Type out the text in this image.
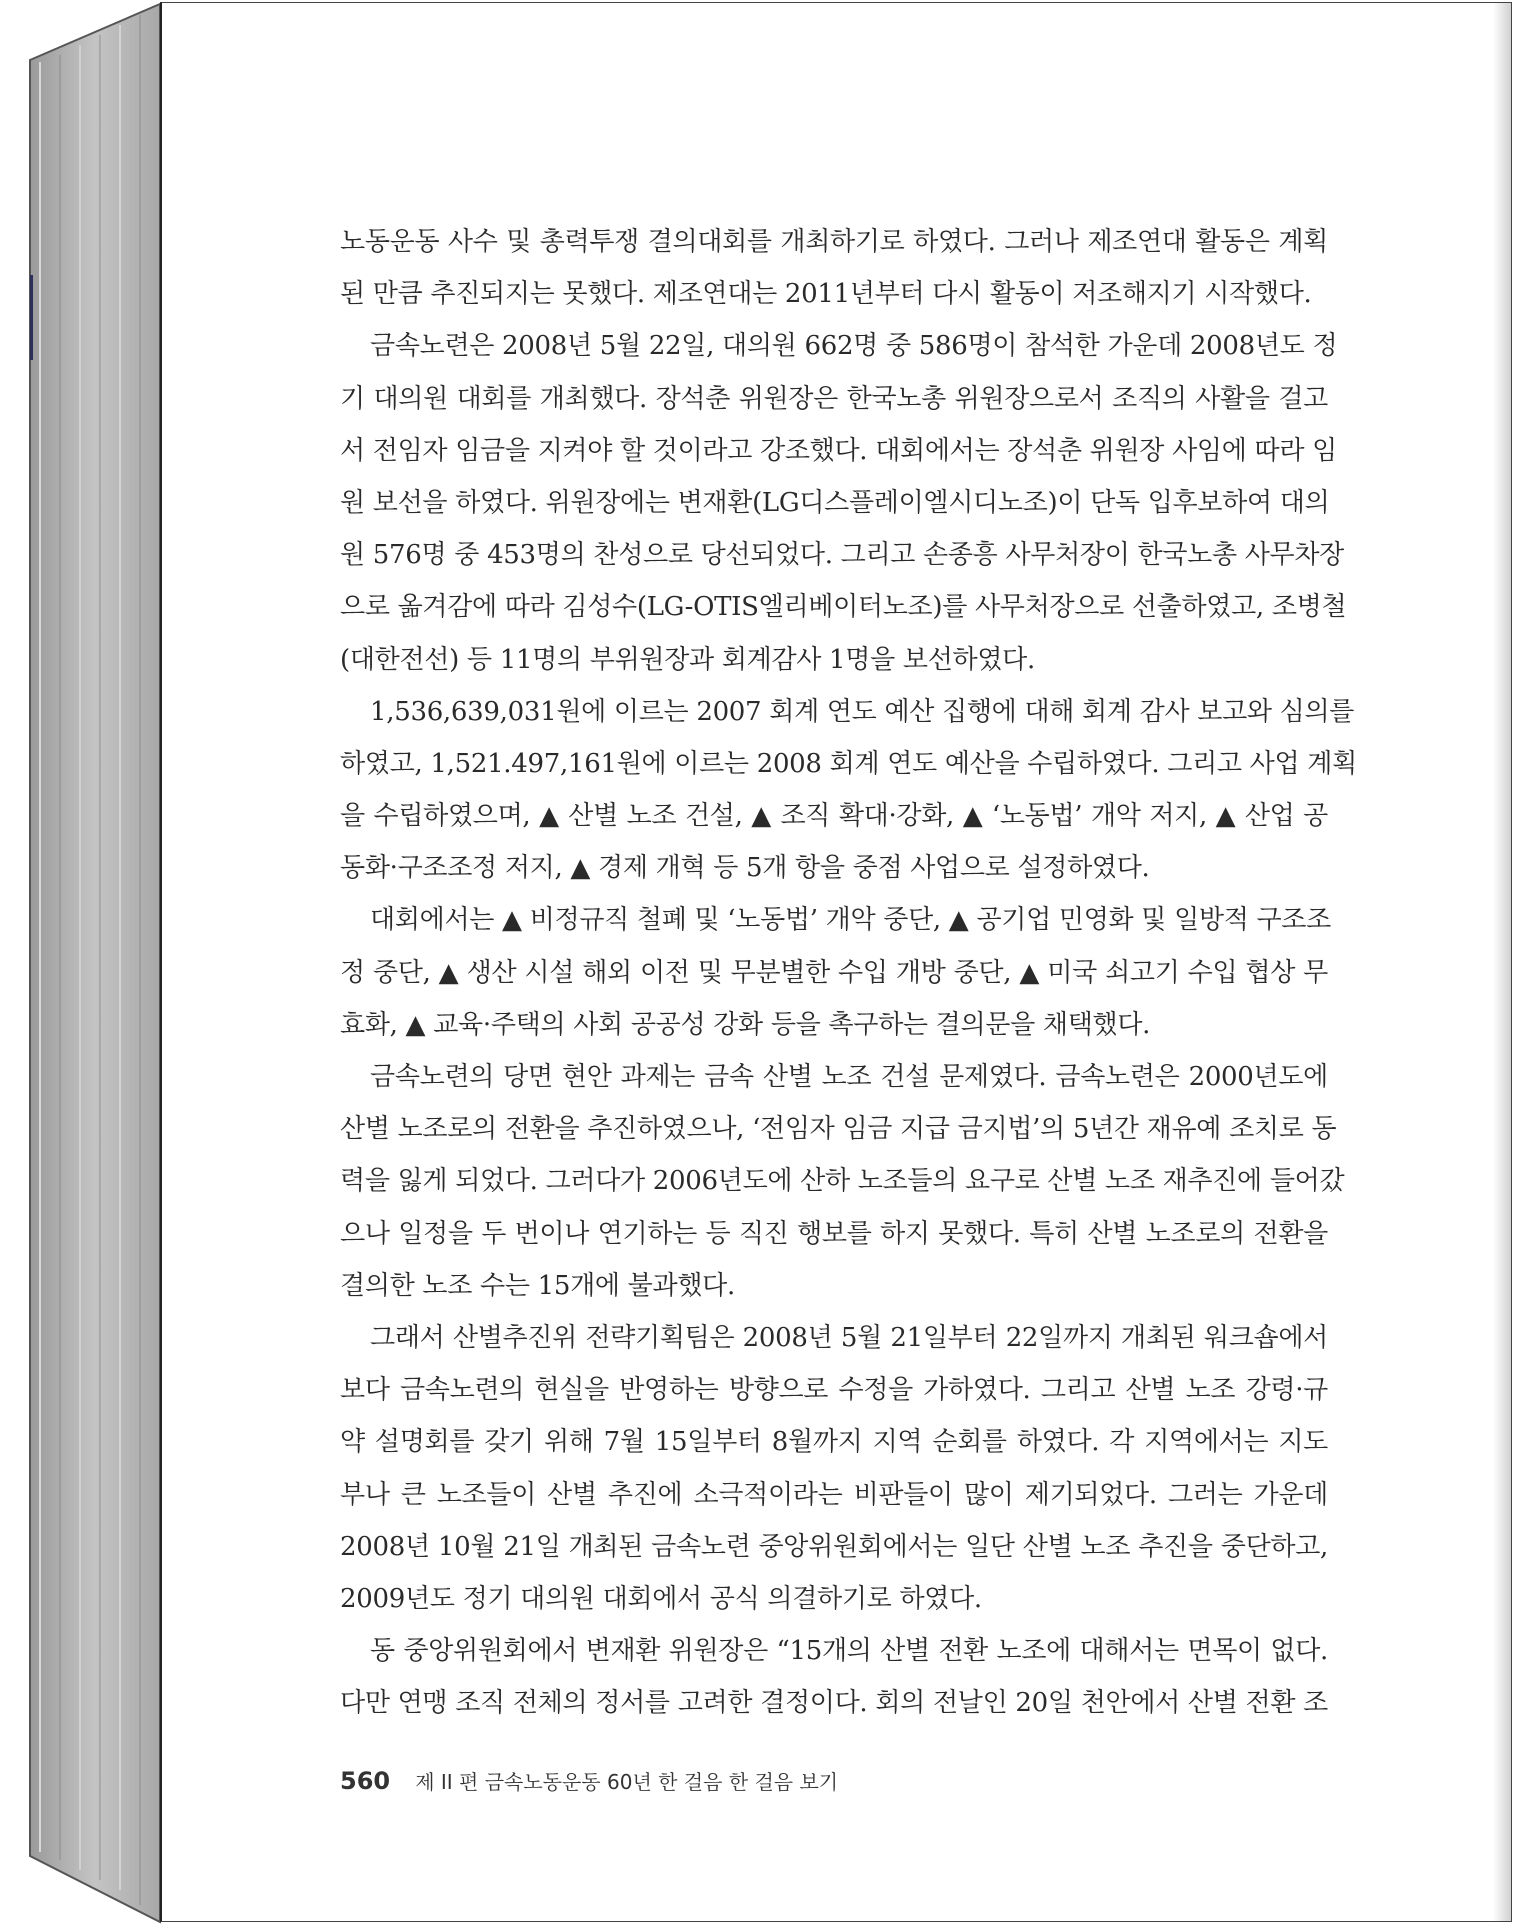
노동운동 사수 및 총력투쟁 결의대회를 개최하기로 하였다. 그러나 제조연대 활동은 계획
된 만큼 추진되지는 못했다. 제조연대는 2011년부터 다시 활동이 저조해지기 시작했다.
금속노련은 2008년 5월 22일, 대의원 662명 중 586명이 참석한 가운데 2008년도 정
기 대의원 대회를 개최했다. 장석춘 위원장은 한국노총 위원장으로서 조직의 사활을 걸고
서 전임자 임금을 지켜야 할 것이라고 강조했다. 대회에서는 장석춘 위원장 사임에 따라 임
원 보선을 하였다. 위원장에는 변재환(LG디스플레이엘시디노조)이 단독 입후보하여 대의
원 576명 중 453명의 찬성으로 당선되었다. 그리고 손종흥 사무처장이 한국노총 사무차장
으로 옮겨감에 따라 김성수(LG-OTIS엘리베이터노조)를 사무처장으로 선출하였고, 조병철
(대한전선) 등 11명의 부위원장과 회계감사 1명을 보선하였다.
1,536,639,031원에 이르는 2007 회계 연도 예산 집행에 대해 회계 감사 보고와 심의를
하였고, 1,521.497,161원에 이르는 2008 회계 연도 예산을 수립하였다. 그리고 사업 계획
을 수립하였으며, ▲ 산별 노조 건설, ▲ 조직 확대·강화, ▲ ‘노동법’ 개악 저지, ▲ 산업 공
동화·구조조정 저지, ▲ 경제 개혁 등 5개 항을 중점 사업으로 설정하였다.
대회에서는 ▲ 비정규직 철폐 및 ‘노동법’ 개악 중단, ▲ 공기업 민영화 및 일방적 구조조
정 중단, ▲ 생산 시설 해외 이전 및 무분별한 수입 개방 중단, ▲ 미국 쇠고기 수입 협상 무
효화, ▲ 교육·주택의 사회 공공성 강화 등을 촉구하는 결의문을 채택했다.
금속노련의 당면 현안 과제는 금속 산별 노조 건설 문제였다. 금속노련은 2000년도에
산별 노조로의 전환을 추진하였으나, ‘전임자 임금 지급 금지법’의 5년간 재유예 조치로 동
력을 잃게 되었다. 그러다가 2006년도에 산하 노조들의 요구로 산별 노조 재추진에 들어갔
으나 일정을 두 번이나 연기하는 등 직진 행보를 하지 못했다. 특히 산별 노조로의 전환을
결의한 노조 수는 15개에 불과했다.
그래서 산별추진위 전략기획팀은 2008년 5월 21일부터 22일까지 개최된 워크숍에서
보다 금속노련의 현실을 반영하는 방향으로 수정을 가하였다. 그리고 산별 노조 강령·규
약 설명회를 갖기 위해 7월 15일부터 8월까지 지역 순회를 하였다. 각 지역에서는 지도
부나 큰 노조들이 산별 추진에 소극적이라는 비판들이 많이 제기되었다. 그러는 가운데
2008년 10월 21일 개최된 금속노련 중앙위원회에서는 일단 산별 노조 추진을 중단하고,
2009년도 정기 대의원 대회에서 공식 의결하기로 하였다.
동 중앙위원회에서 변재환 위원장은 “15개의 산별 전환 노조에 대해서는 면목이 없다.
다만 연맹 조직 전체의 정서를 고려한 결정이다. 회의 전날인 20일 천안에서 산별 전환 조
560 제 II 편 금속노동운동 60년 한 걸음 한 걸음 보기
